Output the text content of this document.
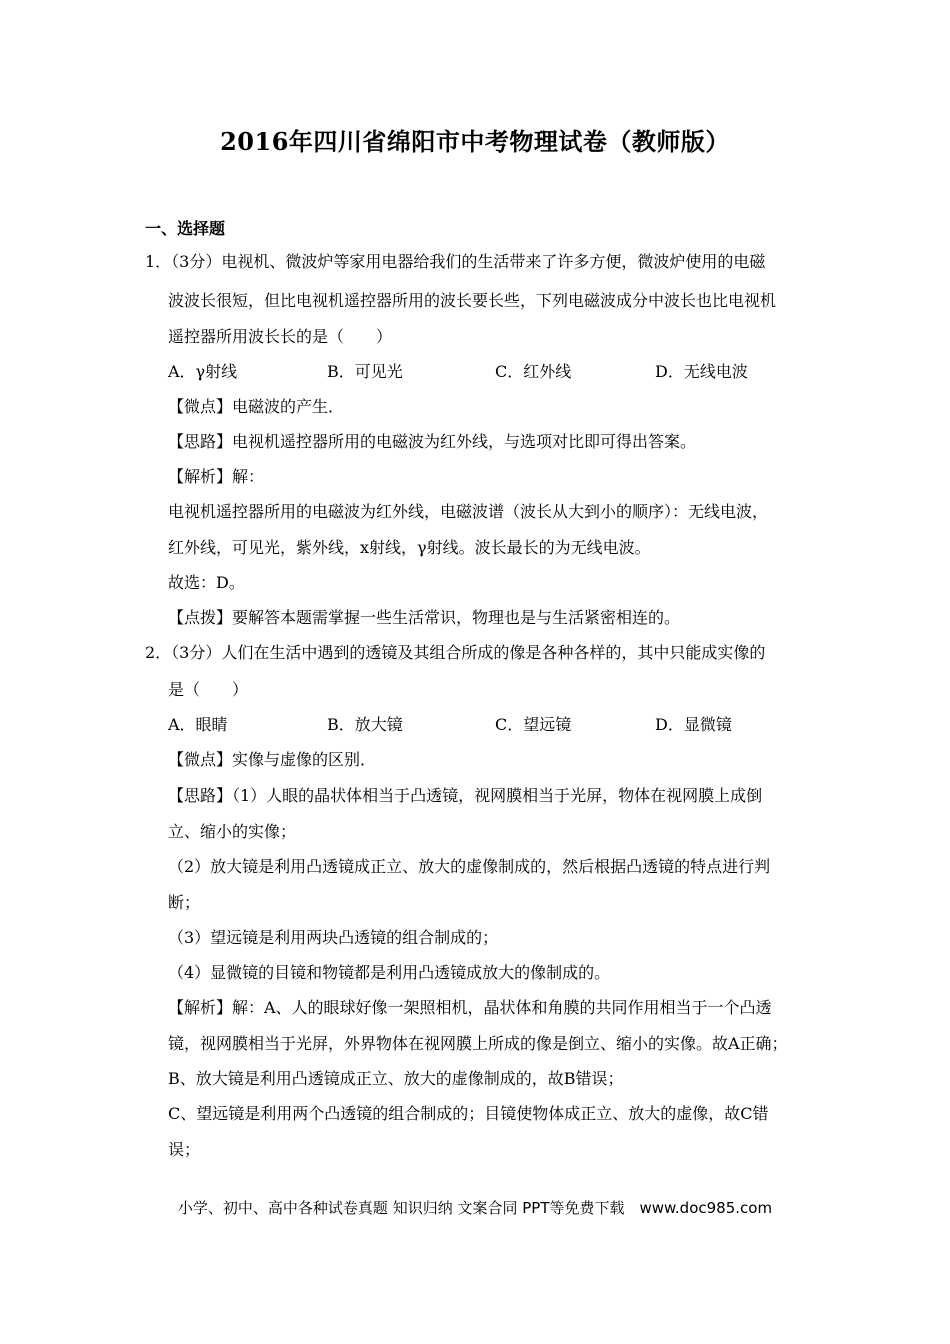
2016年四川省绵阳市中考物理试卷（教师版）
一、选择题
1．（3分）电视机、微波炉等家用电器给我们的生活带来了许多方便，微波炉使用的电磁
波波长很短，但比电视机遥控器所用的波长要长些，下列电磁波成分中波长也比电视机
遥控器所用波长长的是（　　）
A．γ射线	B．可见光	C．红外线	D．无线电波
【微点】电磁波的产生．
【思路】电视机遥控器所用的电磁波为红外线，与选项对比即可得出答案。
【解析】解：
电视机遥控器所用的电磁波为红外线，电磁波谱（波长从大到小的顺序）：无线电波，
红外线，可见光，紫外线，x射线，γ射线。波长最长的为无线电波。
故选：D。
【点拨】要解答本题需掌握一些生活常识，物理也是与生活紧密相连的。
2．（3分）人们在生活中遇到的透镜及其组合所成的像是各种各样的，其中只能成实像的
是（　　）
A．眼睛	B．放大镜	C．望远镜	D．显微镜
【微点】实像与虚像的区别．
【思路】（1）人眼的晶状体相当于凸透镜，视网膜相当于光屏，物体在视网膜上成倒
立、缩小的实像；
（2）放大镜是利用凸透镜成正立、放大的虚像制成的，然后根据凸透镜的特点进行判
断；
（3）望远镜是利用两块凸透镜的组合制成的；
（4）显微镜的目镜和物镜都是利用凸透镜成放大的像制成的。
【解析】解：A、人的眼球好像一架照相机，晶状体和角膜的共同作用相当于一个凸透
镜，视网膜相当于光屏，外界物体在视网膜上所成的像是倒立、缩小的实像。故A正确；
B、放大镜是利用凸透镜成正立、放大的虚像制成的，故B错误；
C、望远镜是利用两个凸透镜的组合制成的；目镜使物体成正立、放大的虚像，故C错
误；
小学、初中、高中各种试卷真题 知识归纳 文案合同 PPT等免费下载　www.doc985.com
